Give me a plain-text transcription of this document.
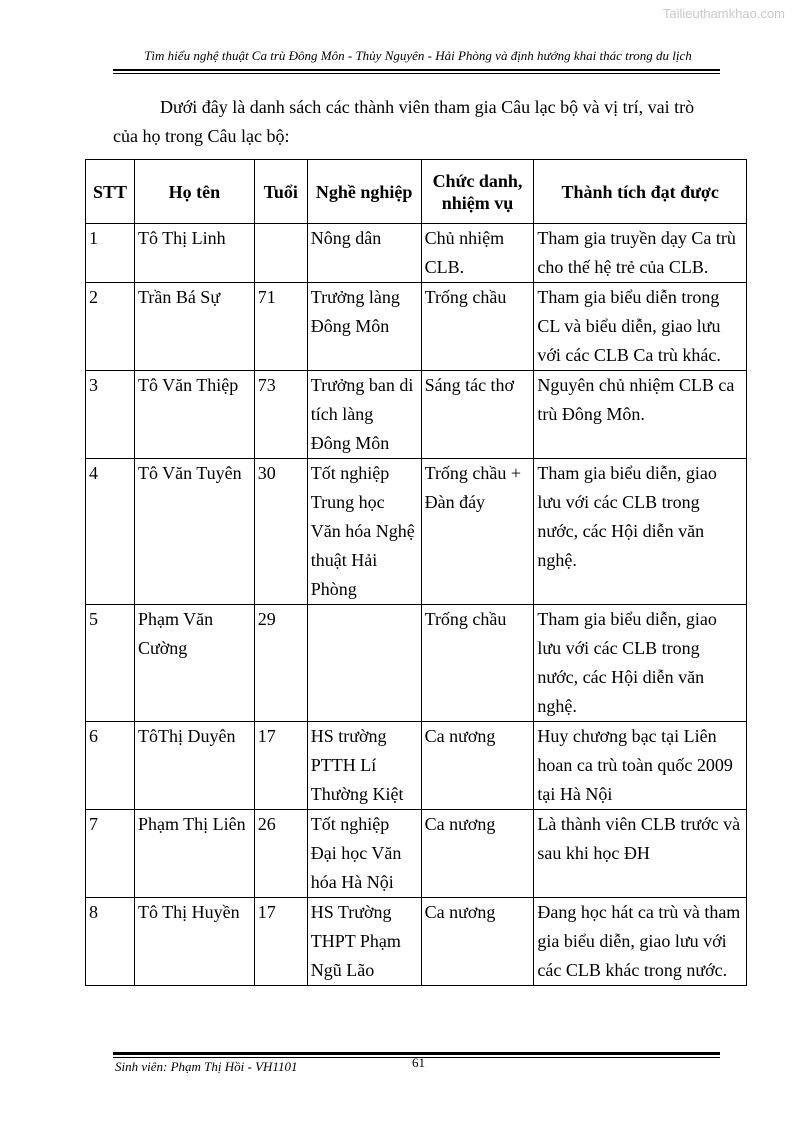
Tailieuthamkhao.com
Tìm hiểu nghệ thuật Ca trù Đông Môn - Thủy Nguyên - Hải Phòng và định hướng khai thác trong du lịch

Dưới đây là danh sách các thành viên tham gia Câu lạc bộ và vị trí, vai trò của họ trong Câu lạc bộ:

STT	Họ tên	Tuổi	Nghề nghiệp	Chức danh, nhiệm vụ	Thành tích đạt được
1	Tô Thị Linh		Nông dân	Chủ nhiệm CLB.	Tham gia truyền dạy Ca trù cho thế hệ trẻ của CLB.
2	Trần Bá Sự	71	Trưởng làng Đông Môn	Trống chầu	Tham gia biểu diễn trong CL và biểu diễn, giao lưu với các CLB Ca trù khác.
3	Tô Văn Thiệp	73	Trưởng ban di tích làng Đông Môn	Sáng tác thơ	Nguyên chủ nhiệm CLB ca trù Đông Môn.
4	Tô Văn Tuyên	30	Tốt nghiệp Trung học Văn hóa Nghệ thuật Hải Phòng	Trống chầu + Đàn đáy	Tham gia biểu diễn, giao lưu với các CLB trong nước, các Hội diễn văn nghệ.
5	Phạm Văn Cường	29		Trống chầu	Tham gia biểu diễn, giao lưu với các CLB trong nước, các Hội diễn văn nghệ.
6	TôThị Duyên	17	HS trường PTTH Lí Thường Kiệt	Ca nương	Huy chương bạc tại Liên hoan ca trù toàn quốc 2009 tại Hà Nội
7	Phạm Thị Liên	26	Tốt nghiệp Đại học Văn hóa Hà Nội	Ca nương	Là thành viên CLB trước và sau khi học ĐH
8	Tô Thị Huyền	17	HS Trường THPT Phạm Ngũ Lão	Ca nương	Đang học hát ca trù và tham gia biểu diễn, giao lưu với các CLB khác trong nước.
Sinh viên: Phạm Thị Hồi - VH1101	61
